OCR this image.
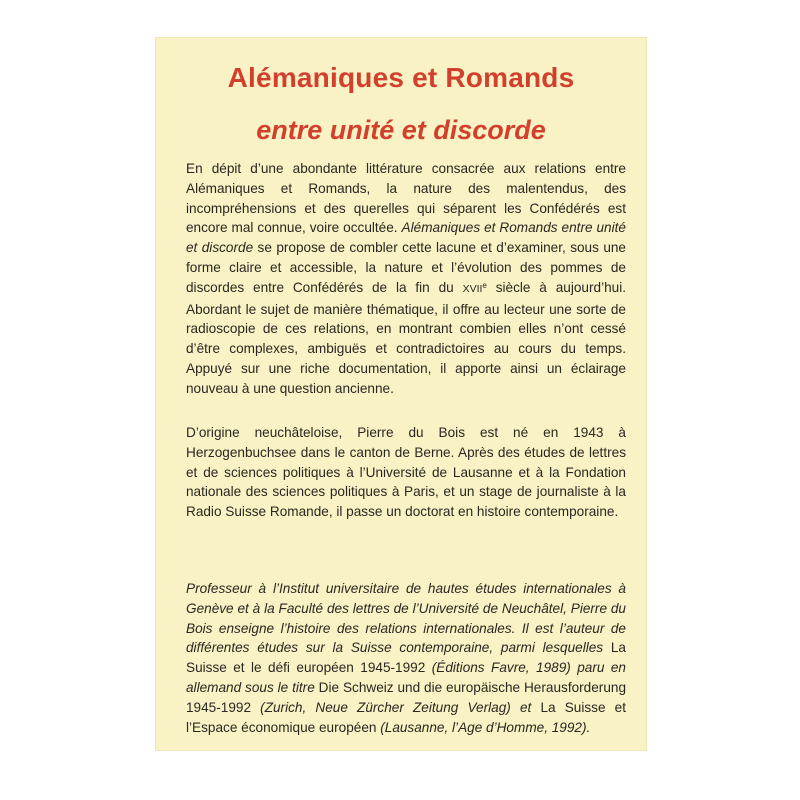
Alémaniques et Romands
entre unité et discorde
En dépit d’une abondante littérature consacrée aux relations entre Alémaniques et Romands, la nature des malentendus, des incompréhensions et des querelles qui séparent les Confédérés est encore mal connue, voire occultée. Alémaniques et Romands entre unité et discorde se propose de combler cette lacune et d’examiner, sous une forme claire et accessible, la nature et l’évolution des pommes de discordes entre Confédérés de la fin du XVIIe siècle à aujourd’hui. Abordant le sujet de manière thématique, il offre au lecteur une sorte de radioscopie de ces relations, en montrant combien elles n’ont cessé d’être complexes, ambiguës et contradictoires au cours du temps. Appuyé sur une riche documentation, il apporte ainsi un éclairage nouveau à une question ancienne.
D’origine neuchâteloise, Pierre du Bois est né en 1943 à Herzogenbuchsee dans le canton de Berne. Après des études de lettres et de sciences politiques à l’Université de Lausanne et à la Fondation nationale des sciences politiques à Paris, et un stage de journaliste à la Radio Suisse Romande, il passe un doctorat en histoire contemporaine.
Professeur à l’Institut universitaire de hautes études internationales à Genève et à la Faculté des lettres de l’Université de Neuchâtel, Pierre du Bois enseigne l’histoire des relations internationales. Il est l’auteur de différentes études sur la Suisse contemporaine, parmi lesquelles La Suisse et le défi européen 1945-1992 (Éditions Favre, 1989) paru en allemand sous le titre Die Schweiz und die europäische Herausforderung 1945-1992 (Zurich, Neue Zürcher Zeitung Verlag) et La Suisse et l’Espace économique européen (Lausanne, l’Age d’Homme, 1992).
